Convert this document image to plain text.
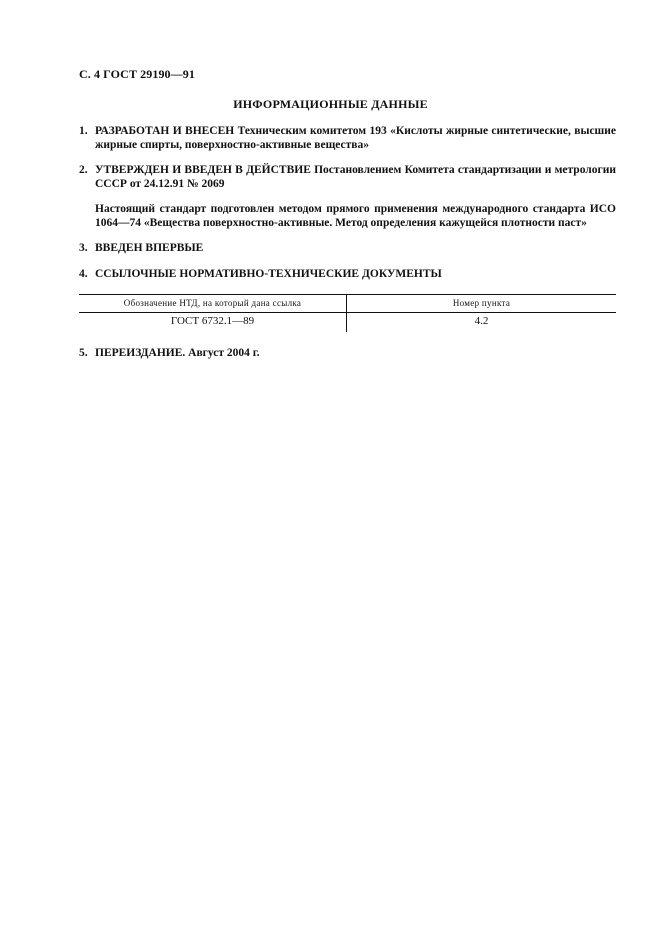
С. 4 ГОСТ 29190—91
ИНФОРМАЦИОННЫЕ ДАННЫЕ
1. РАЗРАБОТАН И ВНЕСЕН Техническим комитетом 193 «Кислоты жирные синтетические, высшие жирные спирты, поверхностно-активные вещества»
2. УТВЕРЖДЕН И ВВЕДЕН В ДЕЙСТВИЕ Постановлением Комитета стандартизации и метрологии СССР от 24.12.91 № 2069
Настоящий стандарт подготовлен методом прямого применения международного стандарта ИСО 1064—74 «Вещества поверхностно-активные. Метод определения кажущейся плотности паст»
3. ВВЕДЕН ВПЕРВЫЕ
4. ССЫЛОЧНЫЕ НОРМАТИВНО-ТЕХНИЧЕСКИЕ ДОКУМЕНТЫ
Обозначение НТД, на который дана ссылка	Номер пункта
ГОСТ 6732.1—89	4.2
5. ПЕРЕИЗДАНИЕ. Август 2004 г.
